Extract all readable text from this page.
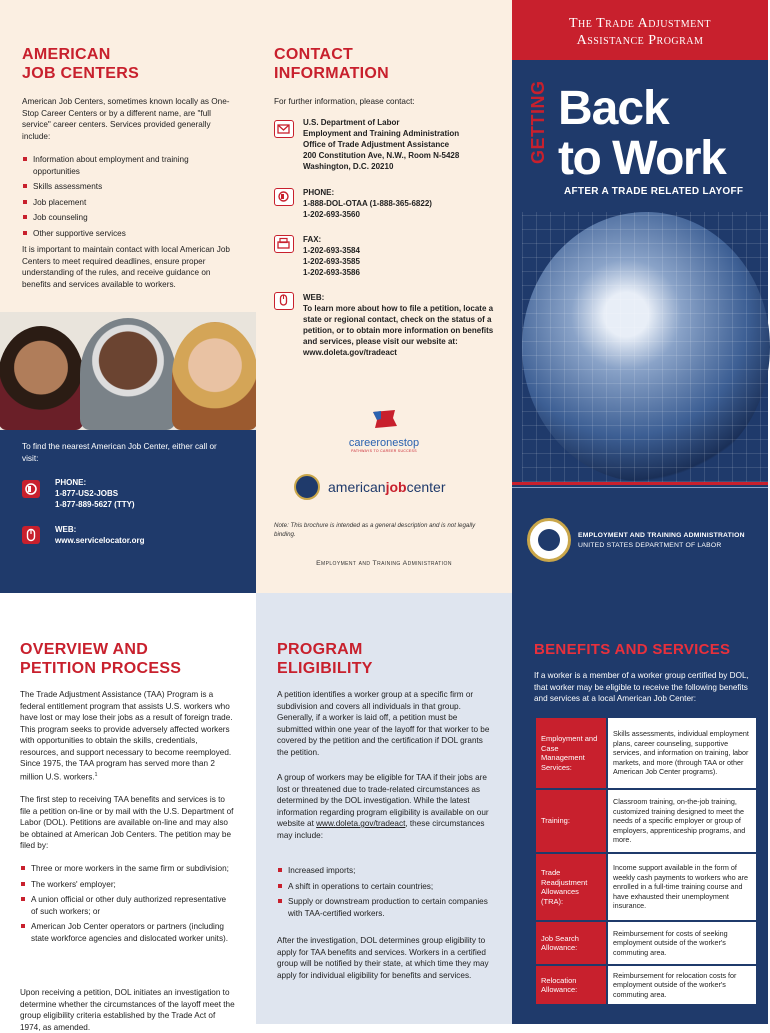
AMERICAN
JOB CENTERS

American Job Centers, sometimes known locally as One-Stop Career Centers or by a different name, are "full service" career centers. Services provided generally include:

Information about employment and training opportunities
Skills assessments
Job placement
Job counseling
Other supportive services

It is important to maintain contact with local American Job Centers to meet required deadlines, ensure proper understanding of the rules, and receive guidance on benefits and services available to workers.

To find the nearest American Job Center, either call or visit:

PHONE:
1-877-US2-JOBS
1-877-889-5627 (TTY)
WEB:
www.servicelocator.org
CONTACT
INFORMATION

For further information, please contact:

U.S. Department of Labor
Employment and Training Administration
Office of Trade Adjustment Assistance
200 Constitution Ave, N.W., Room N-5428
Washington, D.C. 20210
PHONE:
1-888-DOL-OTAA (1-888-365-6822)
1-202-693-3560
FAX:
1-202-693-3584
1-202-693-3585
1-202-693-3586
WEB:
To learn more about how to file a petition, locate a state or regional contact, check on the status of a petition, or to obtain more information on benefits and services, please visit our website at: www.doleta.gov/tradeact
careeronestop
PATHWAYS TO CAREER SUCCESS
americanjobcenter

Note: This brochure is intended as a general description and is not legally binding.

Employment and Training Administration

The Trade Adjustment
Assistance Program
GETTING Back
to Work
AFTER A TRADE RELATED LAYOFF
EMPLOYMENT AND TRAINING ADMINISTRATION
UNITED STATES DEPARTMENT OF LABOR
OVERVIEW AND
PETITION PROCESS

The Trade Adjustment Assistance (TAA) Program is a federal entitlement program that assists U.S. workers who have lost or may lose their jobs as a result of foreign trade. This program seeks to provide adversely affected workers with opportunities to obtain the skills, credentials, resources, and support necessary to become reemployed. Since 1975, the TAA program has served more than 2 million U.S. workers.$^1$

The first step to receiving TAA benefits and services is to file a petition on-line or by mail with the U.S. Department of Labor (DOL). Petitions are available on-line and may also be obtained at American Job Centers. The petition may be filed by:

Three or more workers in the same firm or subdivision;
The workers' employer;
A union official or other duly authorized representative of such workers; or
American Job Center operators or partners (including state workforce agencies and dislocated worker units).

Upon receiving a petition, DOL initiates an investigation to determine whether the circumstances of the layoff meet the group eligibility criteria established by the Trade Act of 1974, as amended.

PROGRAM
ELIGIBILITY

A petition identifies a worker group at a specific firm or subdivision and covers all individuals in that group. Generally, if a worker is laid off, a petition must be submitted within one year of the layoff for that worker to be covered by the petition and the certification if DOL grants the petition.

A group of workers may be eligible for TAA if their jobs are lost or threatened due to trade-related circumstances as determined by the DOL investigation. While the latest information regarding program eligibility is available on our website at www.doleta.gov/tradeact, these circumstances may include:

Increased imports;
A shift in operations to certain countries;
Supply or downstream production to certain companies with TAA-certified workers.

After the investigation, DOL determines group eligibility to apply for TAA benefits and services. Workers in a certified group will be notified by their state, at which time they may apply for individual eligibility for benefits and services.

BENEFITS AND SERVICES

If a worker is a member of a worker group certified by DOL, that worker may be eligible to receive the following benefits and services at a local American Job Center:

Employment and Case Management Services:	Skills assessments, individual employment plans, career counseling, supportive services, and information on training, labor markets, and more (through TAA or other American Job Center programs).
Training:	Classroom training, on-the-job training, customized training designed to meet the needs of a specific employer or group of employers, apprenticeship programs, and more.
Trade Readjustment Allowances (TRA):	Income support available in the form of weekly cash payments to workers who are enrolled in a full-time training course and have exhausted their unemployment insurance.
Job Search Allowance:	Reimbursement for costs of seeking employment outside of the worker's commuting area.
Relocation Allowance:	Reimbursement for relocation costs for employment outside of the worker's commuting area.
